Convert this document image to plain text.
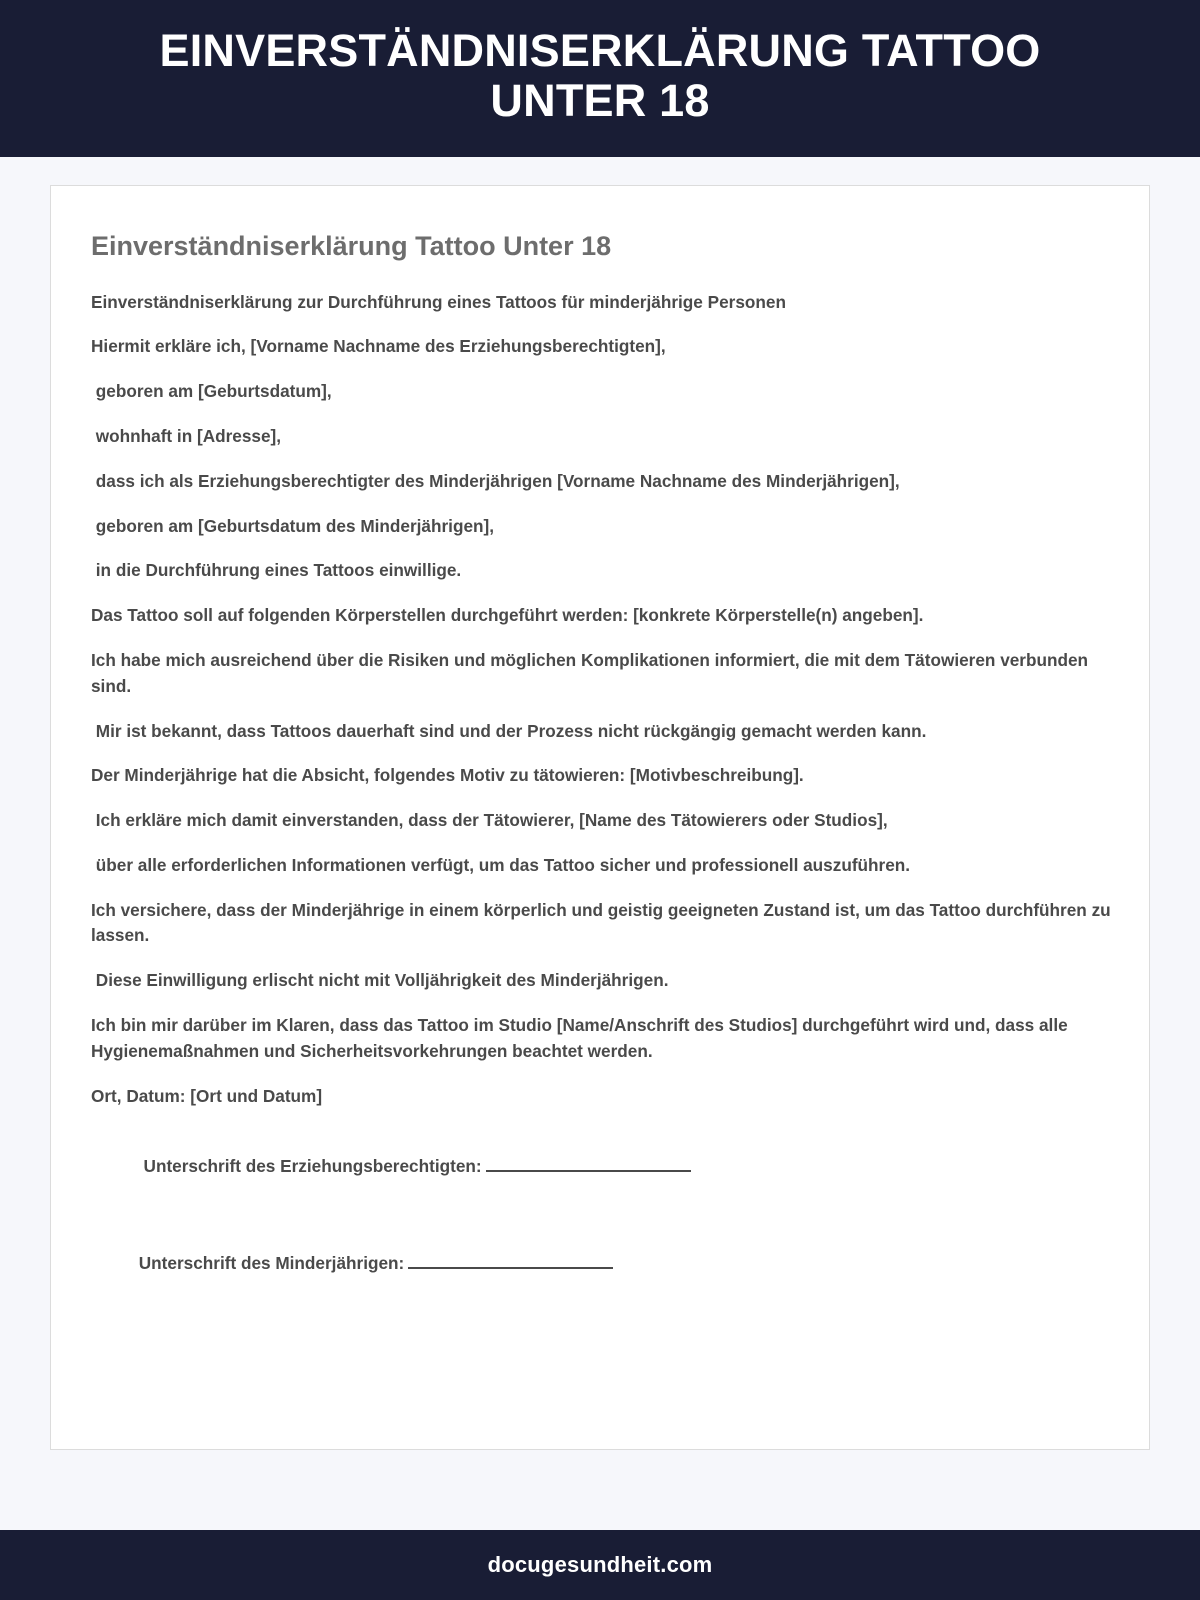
EINVERSTÄNDNISERKLÄRUNG TATTOO UNTER 18
Einverständniserklärung Tattoo Unter 18

Einverständniserklärung zur Durchführung eines Tattoos für minderjährige Personen

Hiermit erkläre ich, [Vorname Nachname des Erziehungsberechtigten],

geboren am [Geburtsdatum],

wohnhaft in [Adresse],

dass ich als Erziehungsberechtigter des Minderjährigen [Vorname Nachname des Minderjährigen],

geboren am [Geburtsdatum des Minderjährigen],

in die Durchführung eines Tattoos einwillige.

Das Tattoo soll auf folgenden Körperstellen durchgeführt werden: [konkrete Körperstelle(n) angeben].

Ich habe mich ausreichend über die Risiken und möglichen Komplikationen informiert, die mit dem Tätowieren verbunden sind.

Mir ist bekannt, dass Tattoos dauerhaft sind und der Prozess nicht rückgängig gemacht werden kann.

Der Minderjährige hat die Absicht, folgendes Motiv zu tätowieren: [Motivbeschreibung].

Ich erkläre mich damit einverstanden, dass der Tätowierer, [Name des Tätowierers oder Studios],

über alle erforderlichen Informationen verfügt, um das Tattoo sicher und professionell auszuführen.

Ich versichere, dass der Minderjährige in einem körperlich und geistig geeigneten Zustand ist, um das Tattoo durchführen zu lassen.

Diese Einwilligung erlischt nicht mit Volljährigkeit des Minderjährigen.

Ich bin mir darüber im Klaren, dass das Tattoo im Studio [Name/Anschrift des Studios] durchgeführt wird und, dass alle Hygienemaßnahmen und Sicherheitsvorkehrungen beachtet werden.

Ort, Datum: [Ort und Datum]

Unterschrift des Erziehungsberechtigten:

Unterschrift des Minderjährigen:

docugesundheit.com
